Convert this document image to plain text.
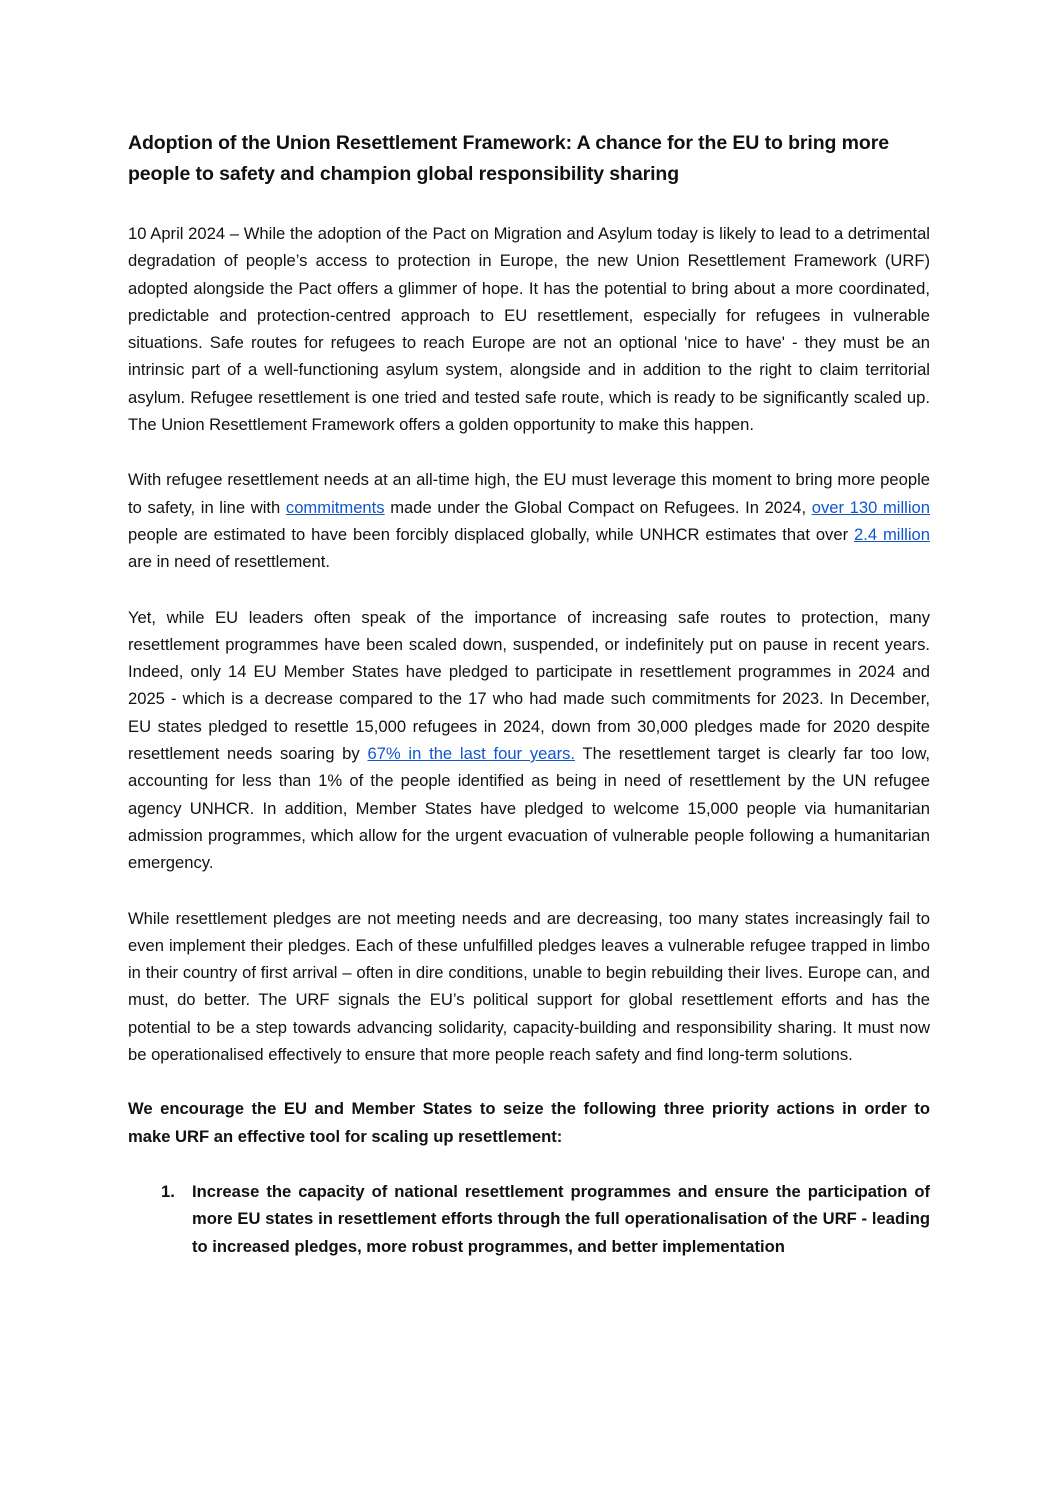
Adoption of the Union Resettlement Framework: A chance for the EU to bring more people to safety and champion global responsibility sharing

10 April 2024 – While the adoption of the Pact on Migration and Asylum today is likely to lead to a detrimental degradation of people’s access to protection in Europe, the new Union Resettlement Framework (URF) adopted alongside the Pact offers a glimmer of hope. It has the potential to bring about a more coordinated, predictable and protection-centred approach to EU resettlement, especially for refugees in vulnerable situations. Safe routes for refugees to reach Europe are not an optional 'nice to have' - they must be an intrinsic part of a well-functioning asylum system, alongside and in addition to the right to claim territorial asylum. Refugee resettlement is one tried and tested safe route, which is ready to be significantly scaled up. The Union Resettlement Framework offers a golden opportunity to make this happen.

With refugee resettlement needs at an all-time high, the EU must leverage this moment to bring more people to safety, in line with commitments made under the Global Compact on Refugees. In 2024, over 130 million people are estimated to have been forcibly displaced globally, while UNHCR estimates that over 2.4 million are in need of resettlement.

Yet, while EU leaders often speak of the importance of increasing safe routes to protection, many resettlement programmes have been scaled down, suspended, or indefinitely put on pause in recent years. Indeed, only 14 EU Member States have pledged to participate in resettlement programmes in 2024 and 2025 - which is a decrease compared to the 17 who had made such commitments for 2023. In December, EU states pledged to resettle 15,000 refugees in 2024, down from 30,000 pledges made for 2020 despite resettlement needs soaring by 67% in the last four years. The resettlement target is clearly far too low, accounting for less than 1% of the people identified as being in need of resettlement by the UN refugee agency UNHCR. In addition, Member States have pledged to welcome 15,000 people via humanitarian admission programmes, which allow for the urgent evacuation of vulnerable people following a humanitarian emergency.

While resettlement pledges are not meeting needs and are decreasing, too many states increasingly fail to even implement their pledges. Each of these unfulfilled pledges leaves a vulnerable refugee trapped in limbo in their country of first arrival – often in dire conditions, unable to begin rebuilding their lives. Europe can, and must, do better. The URF signals the EU’s political support for global resettlement efforts and has the potential to be a step towards advancing solidarity, capacity-building and responsibility sharing. It must now be operationalised effectively to ensure that more people reach safety and find long-term solutions.

We encourage the EU and Member States to seize the following three priority actions in order to make URF an effective tool for scaling up resettlement:

1.	Increase the capacity of national resettlement programmes and ensure the participation of more EU states in resettlement efforts through the full operationalisation of the URF - leading to increased pledges, more robust programmes, and better implementation
